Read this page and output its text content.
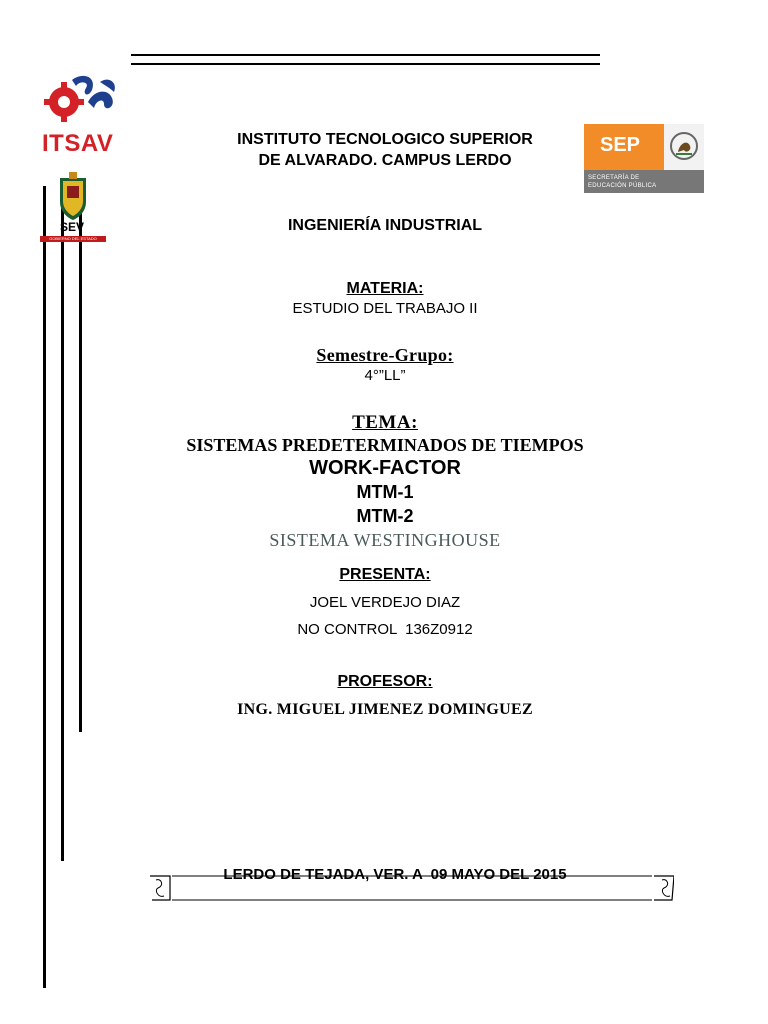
ITSAV
SEV
GOBIERNO DEL ESTADO
SEP
SECRETARÍA DE
EDUCACIÓN PÚBLICA
INSTITUTO TECNOLOGICO SUPERIOR
DE ALVARADO. CAMPUS LERDO
INGENIERÍA INDUSTRIAL
MATERIA:
ESTUDIO DEL TRABAJO II
Semestre-Grupo:
4°”LL”
TEMA:
SISTEMAS PREDETERMINADOS DE TIEMPOS
WORK-FACTOR
MTM-1
MTM-2
SISTEMA WESTINGHOUSE
PRESENTA:
JOEL VERDEJO DIAZ
NO CONTROL  136Z0912
PROFESOR:
ING. MIGUEL JIMENEZ DOMINGUEZ
LERDO DE TEJADA, VER. A  09 MAYO DEL 2015
